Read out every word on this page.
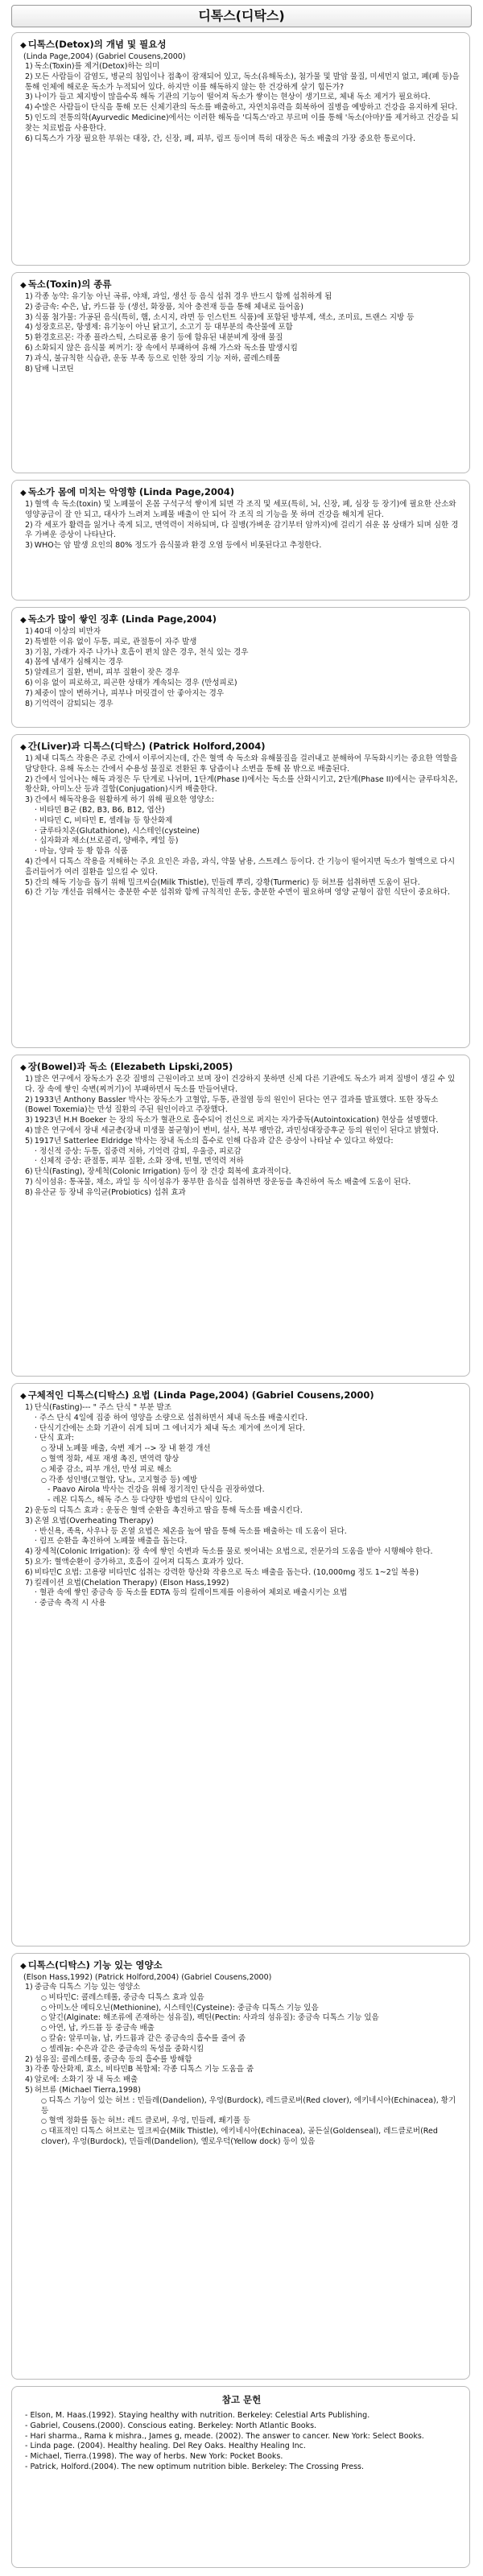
디톡스(디탁스)
◆ 디톡스(Detox)의 개념 및 필요성
(Linda Page,2004) (Gabriel Cousens,2000)
1) 독소(Toxin)를 제거(Detox)하는 의미
2) 모든 사람들이 감염도, 병균의 침입이나 접촉이 잠재되어 있고, 독소(유해독소), 첨가물 및 발암 물질, 미세먼지 없고, 폐(폐 등)을 통해 인체에 해로운 독소가 누적되어 있다. 하지만 이를 해독하지 않는 한 건강하게 살기 힘든가?
3) 나이가 들고 체지방이 많을수록 해독 기관의 기능이 떨어져 독소가 쌓이는 현상이 생기므로, 체내 독소 제거가 필요하다.
4) 수많은 사람들이 단식을 통해 모든 신체기관의 독소를 배출하고, 자연치유력을 회복하여 질병을 예방하고 건강을 유지하게 된다.
5) 인도의 전통의학(Ayurvedic Medicine)에서는 이러한 해독을 '디톡스'라고 부르며 이를 통해 '독소(아마)'를 제거하고 건강을 되찾는 치료법을 사용한다.
6) 디톡스가 가장 필요한 부위는 대장, 간, 신장, 폐, 피부, 림프 등이며 특히 대장은 독소 배출의 가장 중요한 통로이다.
◆ 독소(Toxin)의 종류
1) 각종 농약: 유기농 아닌 곡류, 야채, 과일, 생선 등 음식 섭취 경우 반드시 함께 섭취하게 됨
2) 중금속: 수은, 납, 카드뮴 등 (생선, 화장품, 치아 충전재 등을 통해 체내로 들어옴)
3) 식품 첨가물: 가공된 음식(특히, 햄, 소시지, 라면 등 인스턴트 식품)에 포함된 방부제, 색소, 조미료, 트랜스 지방 등
4) 성장호르몬, 항생제: 유기농이 아닌 닭고기, 소고기 등 대부분의 축산물에 포함
5) 환경호르몬: 각종 플라스틱, 스티로폼 용기 등에 함유된 내분비계 장애 물질
6) 소화되지 않은 음식물 찌꺼기: 장 속에서 부패하여 유해 가스와 독소를 발생시킴
7) 과식, 불규칙한 식습관, 운동 부족 등으로 인한 장의 기능 저하, 콜레스테롤
8) 담배 니코틴
◆ 독소가 몸에 미치는 악영향 (Linda Page,2004)
1) 혈액 속 독소(toxin) 및 노폐물이 온몸 구석구석 쌓이게 되면 각 조직 및 세포(특히, 뇌, 신장, 폐, 심장 등 장기)에 필요한 산소와 영양공급이 잘 안 되고, 대사가 느려져 노폐물 배출이 안 되어 각 조직 의 기능을 못 하며 건강을 해치게 된다.
2) 각 세포가 활력을 잃거나 죽게 되고, 면역력이 저하되며, 다 질병(가벼운 감기부터 암까지)에 걸리기 쉬운 몸 상태가 되며 심한 경우 가벼운 증상이 나타난다.
3) WHO는 암 발생 요인의 80% 정도가 음식물과 환경 오염 등에서 비롯된다고 추정한다.
◆ 독소가 많이 쌓인 징후 (Linda Page,2004)
1) 40대 이상의 비만자
2) 특별한 이유 없이 두통, 피로, 관절통이 자주 발생
3) 기침, 가래가 자주 나가나 호흡이 편치 않은 경우, 천식 있는 경우
4) 몸에 냄새가 심해지는 경우
5) 알레르기 질환, 변비, 피부 질환이 잦은 경우
6) 이유 없이 피로하고, 피곤한 상태가 계속되는 경우 (만성피로)
7) 체중이 많이 변하거나, 피부나 머릿결이 안 좋아지는 경우
8) 기억력이 감퇴되는 경우
◆ 간(Liver)과 디톡스(디탁스) (Patrick Holford,2004)
1) 체내 디톡스 작용은 주로 간에서 이루어지는데, 간은 혈액 속 독소와 유해물질을 걸러내고 분해하여 무독화시키는 중요한 역할을 담당한다. 유해 독소는 간에서 수용성 물질로 전환된 후 담즙이나 소변을 통해 몸 밖으로 배출된다.
2) 간에서 일어나는 해독 과정은 두 단계로 나뉘며, 1단계(Phase I)에서는 독소를 산화시키고, 2단계(Phase II)에서는 글루타치온, 황산화, 아미노산 등과 결합(Conjugation)시켜 배출한다.
3) 간에서 해독작용을 원활하게 하기 위해 필요한 영양소:
· 비타민 B군 (B2, B3, B6, B12, 엽산)
· 비타민 C, 비타민 E, 셀레늄 등 항산화제
· 글루타치온(Glutathione), 시스테인(cysteine)
· 십자화과 채소(브로콜리, 양배추, 케일 등)
· 마늘, 양파 등 황 함유 식품
4) 간에서 디톡스 작용을 저해하는 주요 요인은 과음, 과식, 약물 남용, 스트레스 등이다. 간 기능이 떨어지면 독소가 혈액으로 다시 흘러들어가 여러 질환을 일으킬 수 있다.
5) 간의 해독 기능을 돕기 위해 밀크씨슬(Milk Thistle), 민들레 뿌리, 강황(Turmeric) 등 허브를 섭취하면 도움이 된다.
6) 간 기능 개선을 위해서는 충분한 수분 섭취와 함께 규칙적인 운동, 충분한 수면이 필요하며 영양 균형이 잡힌 식단이 중요하다.
◆ 장(Bowel)과 독소 (Elezabeth Lipski,2005)
1) 많은 연구에서 장독소가 온갖 질병의 근원이라고 보며 장이 건강하지 못하면 신체 다른 기관에도 독소가 퍼져 질병이 생길 수 있다. 장 속에 쌓인 숙변(찌꺼기)이 부패하면서 독소를 만들어낸다.
2) 1933년 Anthony Bassler 박사는 장독소가 고혈압, 두통, 관절염 등의 원인이 된다는 연구 결과를 발표했다. 또한 장독소(Bowel Toxemia)는 만성 질환의 주된 원인이라고 주장했다.
3) 1923년 H.H Boeker 는 장의 독소가 혈관으로 흡수되어 전신으로 퍼지는 자가중독(Autointoxication) 현상을 설명했다.
4) 많은 연구에서 장내 세균총(장내 미생물 불균형)이 변비, 설사, 복부 팽만감, 과민성대장증후군 등의 원인이 된다고 밝혔다.
5) 1917년 Satterlee Eldridge 박사는 장내 독소의 흡수로 인해 다음과 같은 증상이 나타날 수 있다고 하였다:
· 정신적 증상: 두통, 집중력 저하, 기억력 감퇴, 우울증, 피로감
· 신체적 증상: 관절통, 피부 질환, 소화 장애, 빈혈, 면역력 저하
6) 단식(Fasting), 장세척(Colonic Irrigation) 등이 장 건강 회복에 효과적이다.
7) 식이섬유: 통곡물, 채소, 과일 등 식이섬유가 풍부한 음식을 섭취하면 장운동을 촉진하여 독소 배출에 도움이 된다.
8) 유산균 등 장내 유익균(Probiotics) 섭취 효과
◆ 구체적인 디톡스(디탁스) 요법 (Linda Page,2004) (Gabriel Cousens,2000)
1) 단식(Fasting)--- " 주스 단식 " 부분 발조
· 주스 단식 4일에 집중 하여 영양을 소량으로 섭취하면서 체내 독소를 배출시킨다.
· 단식기간에는 소화 기관이 쉬게 되며 그 에너지가 체내 독소 제거에 쓰이게 된다.
· 단식 효과:
○ 장내 노폐물 배출, 숙변 제거 --> 장 내 환경 개선
○ 혈액 정화, 세포 재생 촉진, 면역력 향상
○ 체중 감소, 피부 개선, 만성 피로 해소
○ 각종 성인병(고혈압, 당뇨, 고지혈증 등) 예방
- Paavo Airola 박사는 건강을 위해 정기적인 단식을 권장하였다.
- 레몬 디톡스, 해독 주스 등 다양한 방법의 단식이 있다.
2) 운동의 디톡스 효과 : 운동은 혈액 순환을 촉진하고 땀을 통해 독소를 배출시킨다.
3) 온열 요법(Overheating Therapy)
· 반신욕, 족욕, 사우나 등 온열 요법은 체온을 높여 땀을 통해 독소를 배출하는 데 도움이 된다.
· 림프 순환을 촉진하여 노폐물 배출을 돕는다.
4) 장세척(Colonic Irrigation): 장 속에 쌓인 숙변과 독소를 물로 씻어내는 요법으로, 전문가의 도움을 받아 시행해야 한다.
5) 요가: 혈액순환이 증가하고, 호흡이 깊어져 디톡스 효과가 있다.
6) 비타민C 요법: 고용량 비타민C 섭취는 강력한 항산화 작용으로 독소 배출을 돕는다. (10,000mg 정도 1~2일 복용)
7) 킬레이션 요법(Chelation Therapy) (Elson Hass,1992)
· 혈관 속에 쌓인 중금속 등 독소를 EDTA 등의 킬레이트제를 이용하여 체외로 배출시키는 요법
· 중금속 축적 시 사용
◆ 디톡스(디탁스) 기능 있는 영양소
(Elson Hass,1992) (Patrick Holford,2004) (Gabriel Cousens,2000)
1) 중금속 디톡스 기능 있는 영양소
○ 비타민C: 콜레스테롤, 중금속 디톡스 효과 있음
○ 아미노산 메티오닌(Methionine), 시스테인(Cysteine): 중금속 디톡스 기능 있음
○ 알긴(Alginate: 해조류에 존재하는 섬유질), 펙틴(Pectin: 사과의 섬유질): 중금속 디톡스 기능 있음
○ 아연, 납, 카드뮴 등 중금속 배출
○ 칼슘: 알루미늄, 납, 카드뮴과 같은 중금속의 흡수를 줄여 줌
○ 셀레늄: 수은과 같은 중금속의 독성을 중화시킴
2) 섬유질: 콜레스테롤, 중금속 등의 흡수를 방해함
3) 각종 항산화제, 효소, 비타민B 복합체: 각종 디톡스 기능 도움을 줌
4) 알로에: 소화기 장 내 독소 배출
5) 허브류 (Michael Tierra,1998)
○ 디톡스 기능이 있는 허브 : 민들레(Dandelion), 우엉(Burdock), 레드클로버(Red clover), 에키네시아(Echinacea), 황기 등
○ 혈액 정화를 돕는 허브: 레드 클로버, 우엉, 민들레, 쐐기풀 등
○ 대표적인 디톡스 허브로는 밀크씨슬(Milk Thistle), 에키네시아(Echinacea), 골든실(Goldenseal), 레드클로버(Red clover), 우엉(Burdock), 민들레(Dandelion), 옐로우덕(Yellow dock) 등이 있음
참고 문헌
- Elson, M. Haas.(1992). Staying healthy with nutrition. Berkeley: Celestial Arts Publishing.
- Gabriel, Cousens.(2000). Conscious eating. Berkeley: North Atlantic Books.
- Hari sharma., Rama k mishra., James g, meade. (2002). The answer to cancer. New York: Select Books.
- Linda page. (2004). Healthy healing. Del Rey Oaks. Healthy Healing Inc.
- Michael, Tierra.(1998). The way of herbs. New York: Pocket Books.
- Patrick, Holford.(2004). The new optimum nutrition bible. Berkeley: The Crossing Press.
